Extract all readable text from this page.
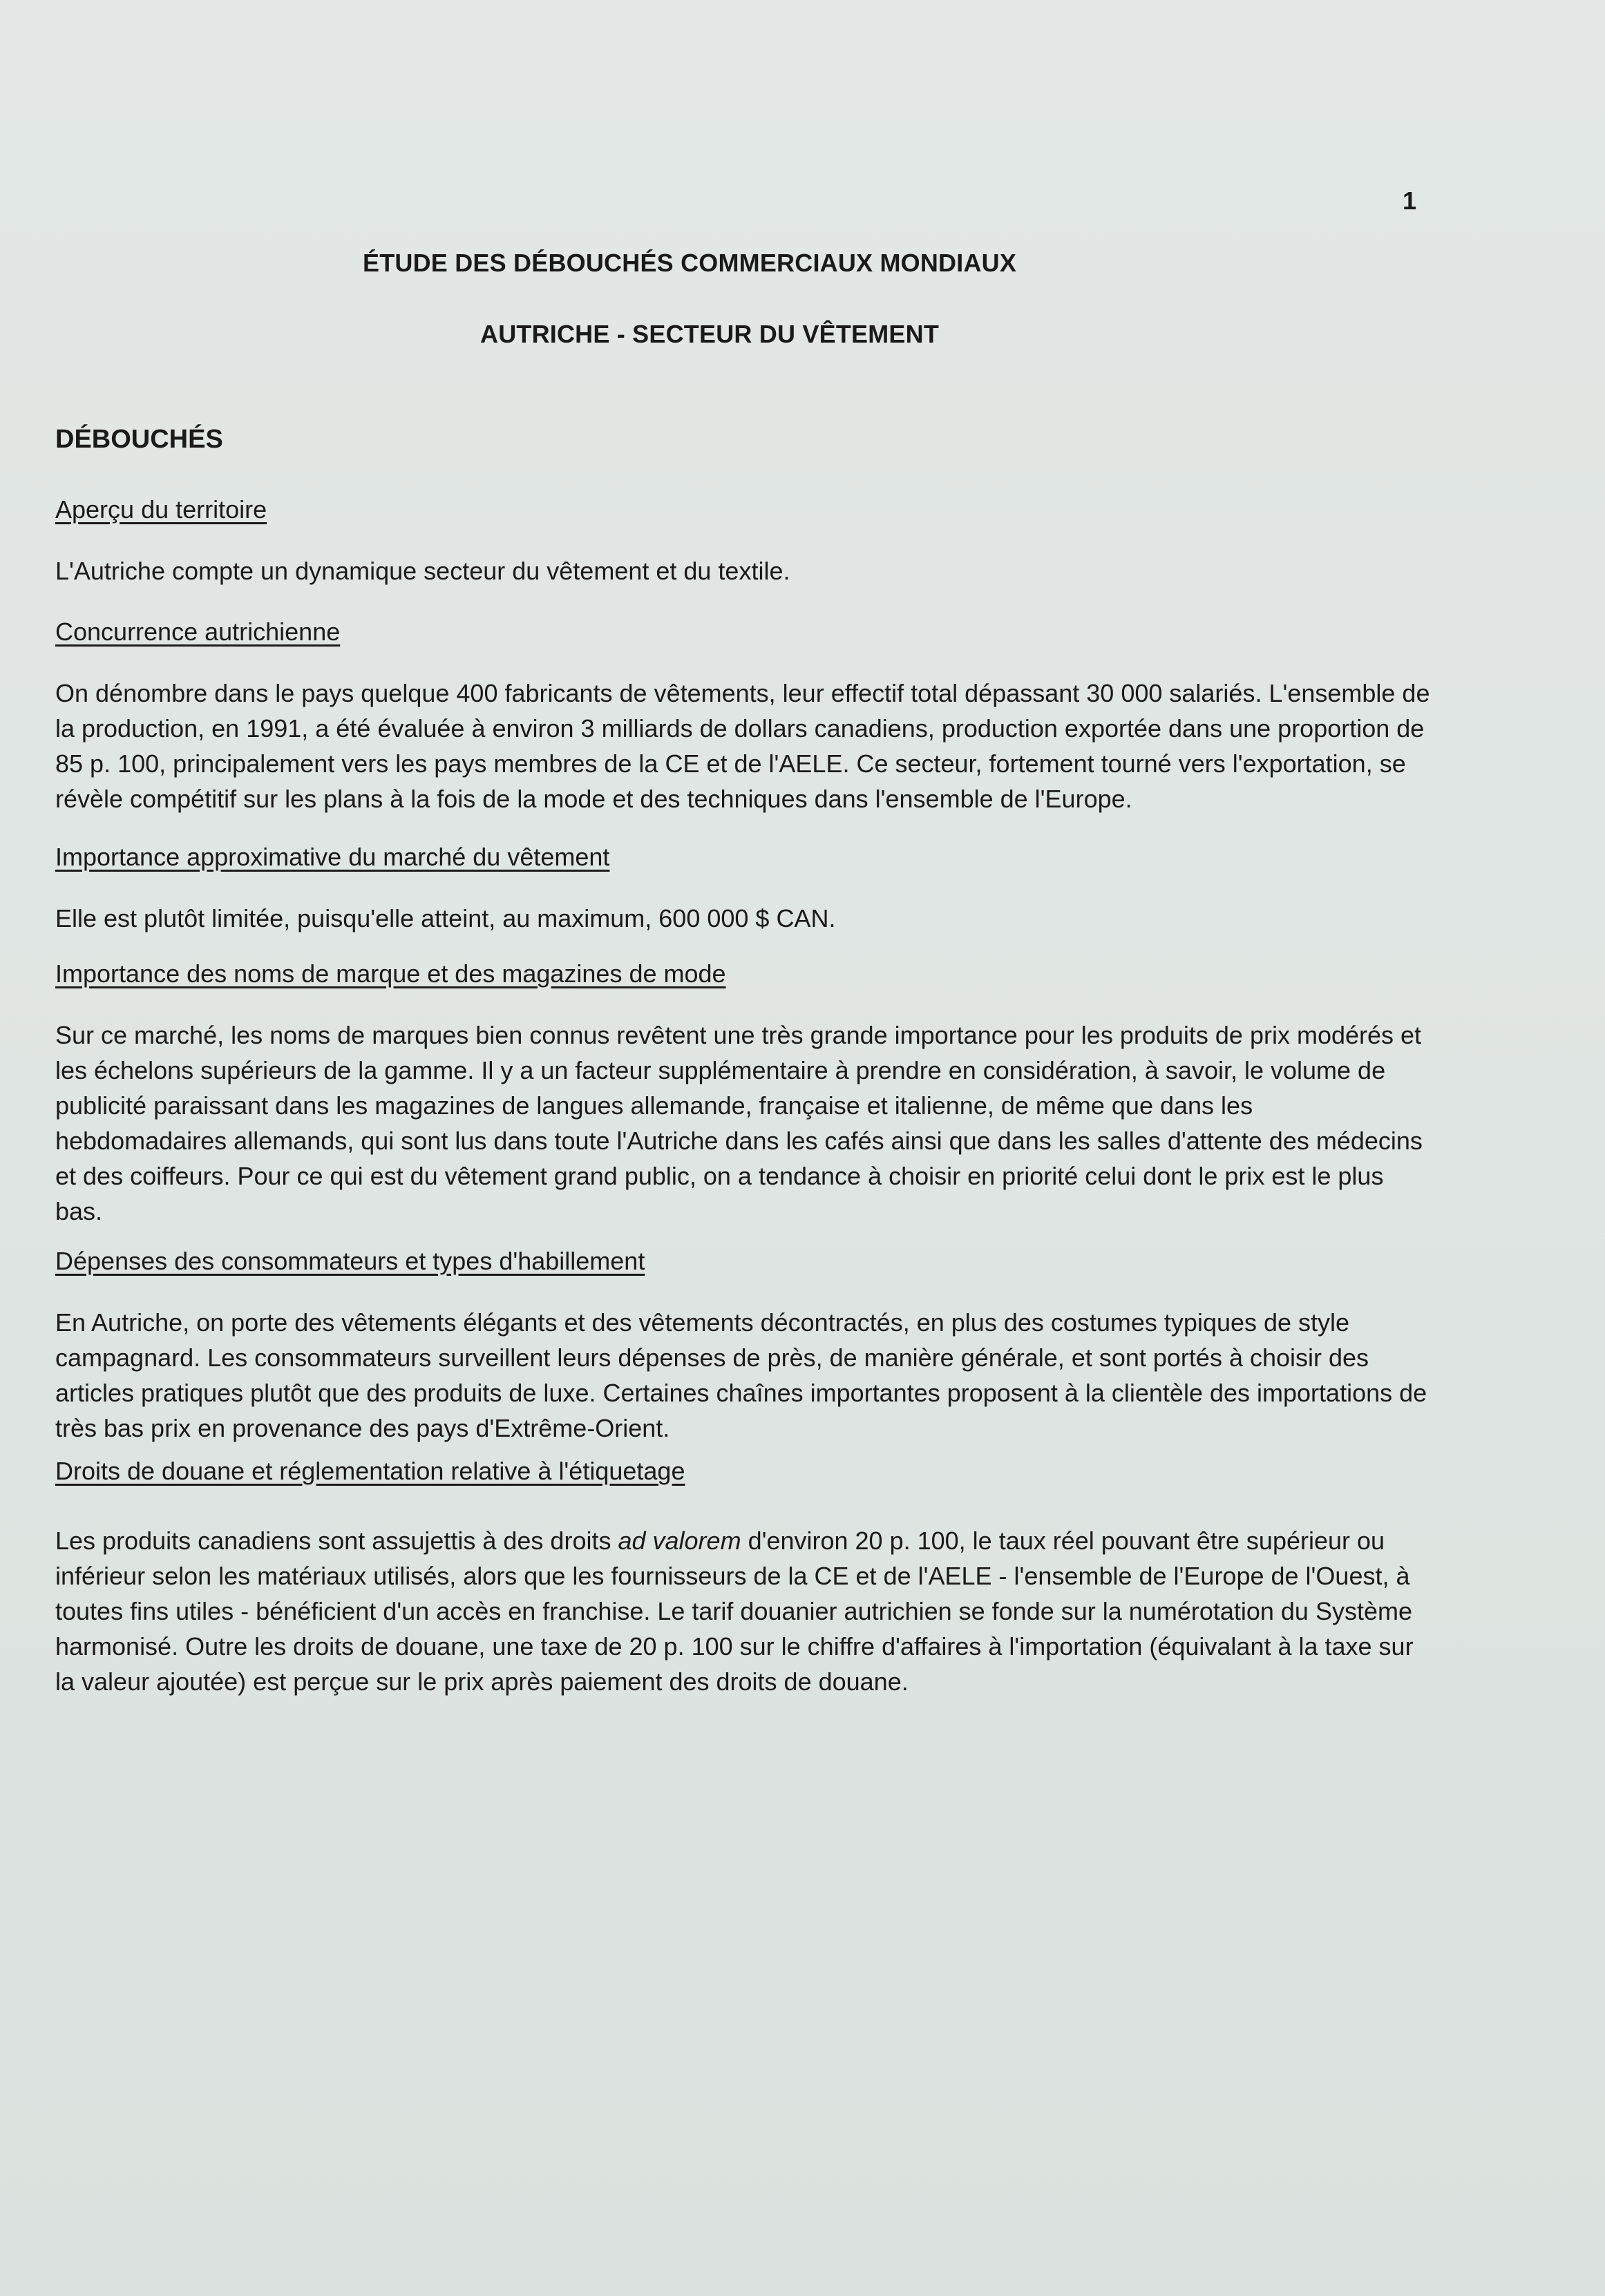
1
ÉTUDE DES DÉBOUCHÉS COMMERCIAUX MONDIAUX
AUTRICHE - SECTEUR DU VÊTEMENT
DÉBOUCHÉS
Aperçu du territoire

L'Autriche compte un dynamique secteur du vêtement et du textile.

Concurrence autrichienne

On dénombre dans le pays quelque 400 fabricants de vêtements, leur effectif total dépassant 30 000 salariés. L'ensemble de la production, en 1991, a été évaluée à environ 3 milliards de dollars canadiens, production exportée dans une proportion de 85 p. 100, principalement vers les pays membres de la CE et de l'AELE. Ce secteur, fortement tourné vers l'exportation, se révèle compétitif sur les plans à la fois de la mode et des techniques dans l'ensemble de l'Europe.

Importance approximative du marché du vêtement

Elle est plutôt limitée, puisqu'elle atteint, au maximum, 600 000 $ CAN.

Importance des noms de marque et des magazines de mode

Sur ce marché, les noms de marques bien connus revêtent une très grande importance pour les produits de prix modérés et les échelons supérieurs de la gamme. Il y a un facteur supplémentaire à prendre en considération, à savoir, le volume de publicité paraissant dans les magazines de langues allemande, française et italienne, de même que dans les hebdomadaires allemands, qui sont lus dans toute l'Autriche dans les cafés ainsi que dans les salles d'attente des médecins et des coiffeurs. Pour ce qui est du vêtement grand public, on a tendance à choisir en priorité celui dont le prix est le plus bas.

Dépenses des consommateurs et types d'habillement

En Autriche, on porte des vêtements élégants et des vêtements décontractés, en plus des costumes typiques de style campagnard. Les consommateurs surveillent leurs dépenses de près, de manière générale, et sont portés à choisir des articles pratiques plutôt que des produits de luxe. Certaines chaînes importantes proposent à la clientèle des importations de très bas prix en provenance des pays d'Extrême-Orient.

Droits de douane et réglementation relative à l'étiquetage

Les produits canadiens sont assujettis à des droits ad valorem d'environ 20 p. 100, le taux réel pouvant être supérieur ou inférieur selon les matériaux utilisés, alors que les fournisseurs de la CE et de l'AELE - l'ensemble de l'Europe de l'Ouest, à toutes fins utiles - bénéficient d'un accès en franchise. Le tarif douanier autrichien se fonde sur la numérotation du Système harmonisé. Outre les droits de douane, une taxe de 20 p. 100 sur le chiffre d'affaires à l'importation (équivalant à la taxe sur la valeur ajoutée) est perçue sur le prix après paiement des droits de douane.
